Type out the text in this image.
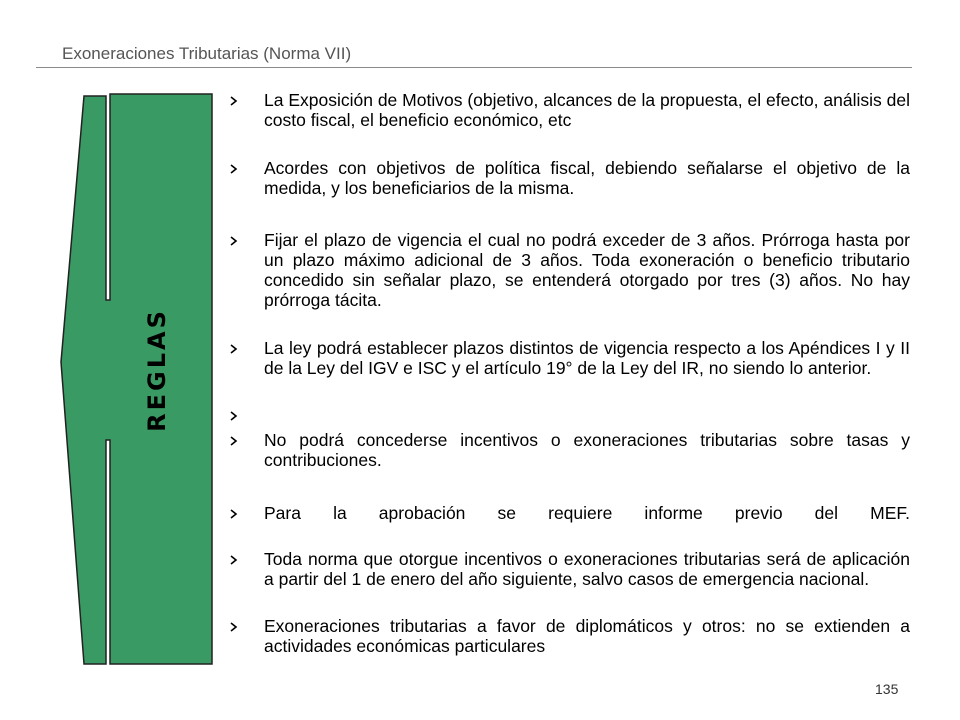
Exoneraciones Tributarias (Norma VII)
REGLAS
La Exposición de Motivos (objetivo, alcances de la propuesta, el efecto, análisis del costo fiscal, el beneficio económico, etc
Acordes con objetivos de política fiscal, debiendo señalarse el objetivo de la medida, y los beneficiarios de la misma.
Fijar el plazo de vigencia el cual no podrá exceder de 3 años. Prórroga hasta por un plazo máximo adicional de 3 años. Toda exoneración o beneficio tributario concedido sin señalar plazo, se entenderá otorgado por tres (3) años. No hay prórroga tácita.
La ley podrá establecer plazos distintos de vigencia respecto a los Apéndices I y II de la Ley del IGV e ISC y el artículo 19° de la Ley del IR, no siendo lo anterior.
No podrá concederse incentivos o exoneraciones tributarias sobre tasas y contribuciones.
Para la aprobación se requiere informe previo del MEF.
Toda norma que otorgue incentivos o exoneraciones tributarias será de aplicación a partir del 1 de enero del año siguiente, salvo casos de emergencia nacional.
Exoneraciones tributarias a favor de diplomáticos y otros: no se extienden a actividades económicas particulares
135
